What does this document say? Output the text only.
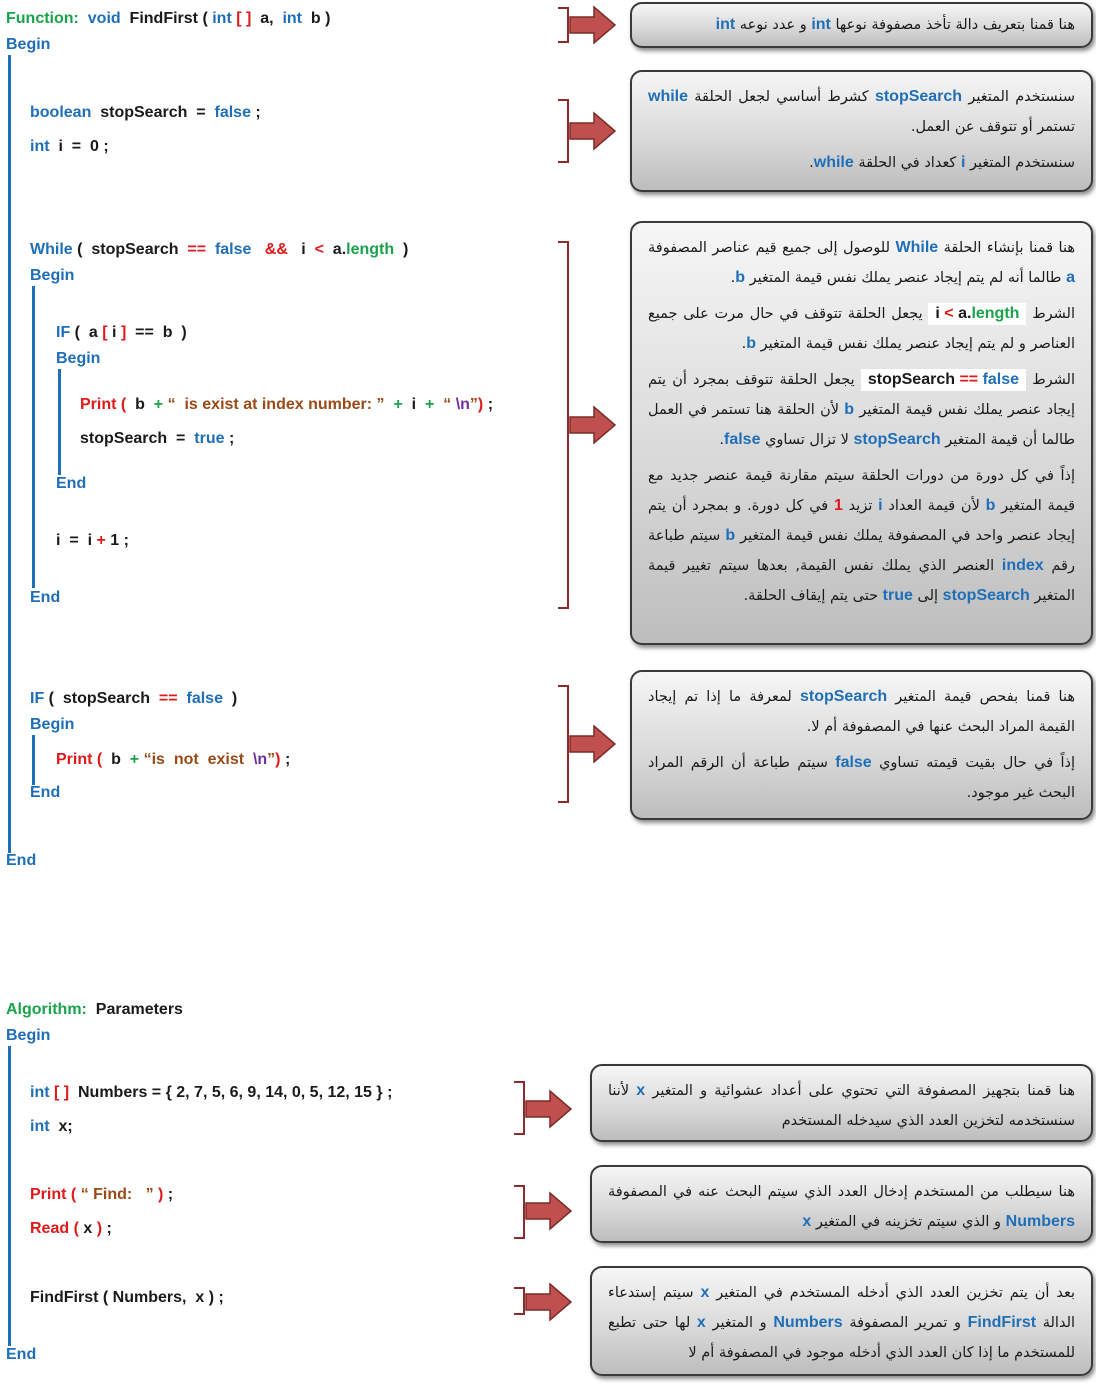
Function: void FindFirst ( int [ ] a, int b )
Begin
boolean stopSearch = false ;
int i = 0 ;
While ( stopSearch == false && i < a.length )
Begin
IF ( a [ i ] == b )
Begin
Print ( b + “  is exist at index number: ” + i + “ \n”) ;
stopSearch = true ;
End
i = i + 1 ;
End
IF ( stopSearch == false )
Begin
Print ( b + “is  not  exist \n”) ;
End
End
Algorithm: Parameters
Begin
int [ ] Numbers = { 2, 7, 5, 6, 9, 14, 0, 5, 12, 15 } ;
int x;
Print ( “ Find:   ” ) ;
Read ( x ) ;
FindFirst ( Numbers,  x ) ;
End

هنا قمنا بتعريف دالة تأخذ مصفوفة نوعها int و عدد نوعه int

سنستخدم المتغير stopSearch كشرط أساسي لجعل الحلقة while تستمر أو تتوقف عن العمل.

سنستخدم المتغير i كعداد في الحلقة while.

هنا قمنا بإنشاء الحلقة While للوصول إلى جميع قيم عناصر المصفوفة a طالما أنه لم يتم إيجاد عنصر يملك نفس قيمة المتغير b.

الشرط i < a.length يجعل الحلقة تتوقف في حال مرت على جميع العناصر و لم يتم إيجاد عنصر يملك نفس قيمة المتغير b.

الشرط stopSearch == false يجعل الحلقة تتوقف بمجرد أن يتم إيجاد عنصر يملك نفس قيمة المتغير b لأن الحلقة هنا تستمر في العمل طالما أن قيمة المتغير stopSearch لا تزال تساوي false.

إذاً في كل دورة من دورات الحلقة سيتم مقارنة قيمة عنصر جديد مع قيمة المتغير b لأن قيمة العداد i تزيد 1 في كل دورة. و بمجرد أن يتم إيجاد عنصر واحد في المصفوفة يملك نفس قيمة المتغير b سيتم طباعة رقم index العنصر الذي يملك نفس القيمة, بعدها سيتم تغيير قيمة المتغير stopSearch إلى true حتى يتم إيقاف الحلقة.

هنا قمنا بفحص قيمة المتغير stopSearch لمعرفة ما إذا تم إيجاد القيمة المراد البحث عنها في المصفوفة أم لا.

إذاً في حال بقيت قيمته تساوي false سيتم طباعة أن الرقم المراد البحث غير موجود.

هنا قمنا بتجهيز المصفوفة التي تحتوي على أعداد عشوائية و المتغير x لأننا سنستخدمه لتخزين العدد الذي سيدخله المستخدم

هنا سيطلب من المستخدم إدخال العدد الذي سيتم البحث عنه في المصفوفة Numbers و الذي سيتم تخزينه في المتغير x

بعد أن يتم تخزين العدد الذي أدخله المستخدم في المتغير x سيتم إستدعاء الدالة FindFirst و تمرير المصفوفة Numbers و المتغير x لها حتى تطبع للمستخدم ما إذا كان العدد الذي أدخله موجود في المصفوفة أم لا
